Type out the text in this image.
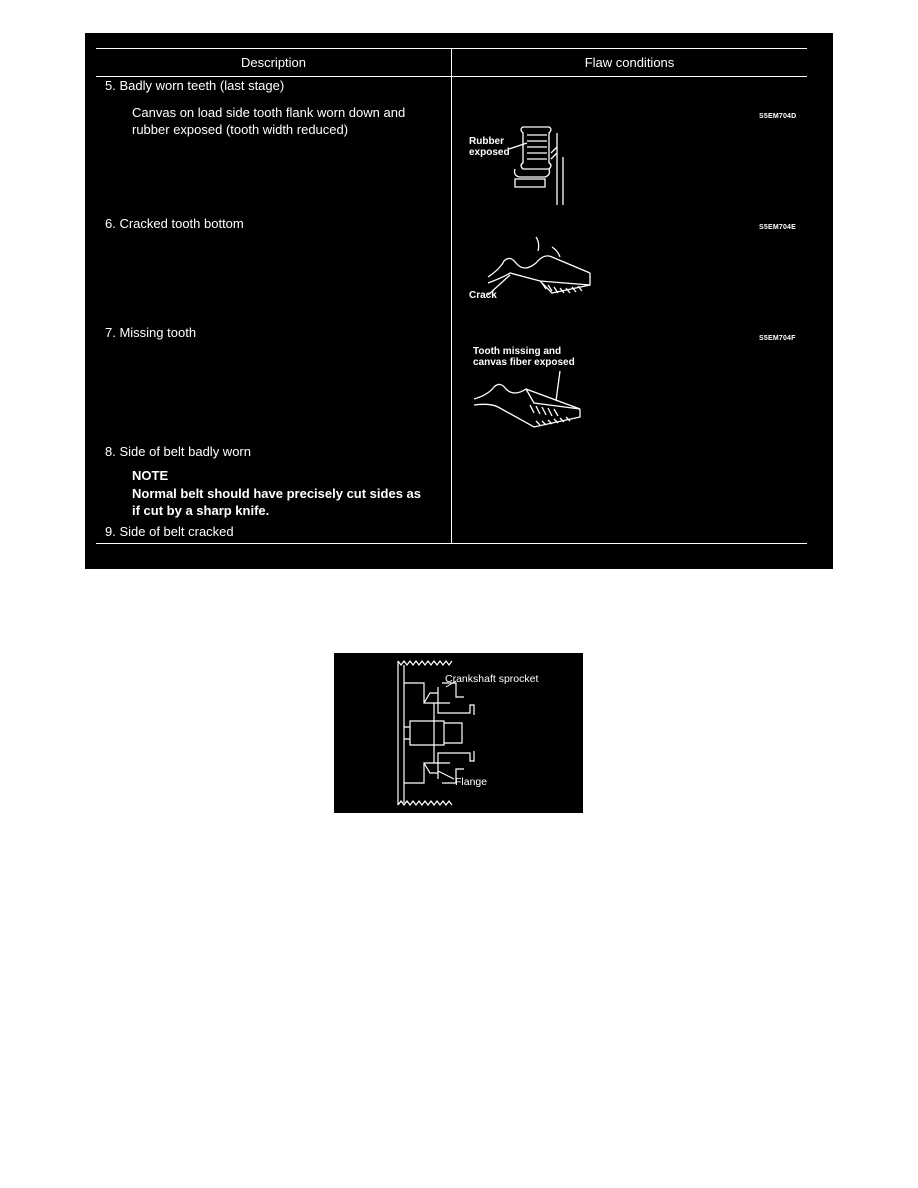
Description	Flaw conditions
5. Badly worn teeth (last stage)
Canvas on load side tooth flank worn down and
rubber exposed (tooth width reduced)
S5EM704D
Rubber
exposed
6. Cracked tooth bottom	S5EM704E
Crack
7. Missing tooth	S5EM704F
Tooth missing and
canvas fiber exposed
8. Side of belt badly worn
NOTE
Normal belt should have precisely cut sides as
if cut by a sharp knife.
9. Side of belt cracked
Crankshaft sprocket
Flange
